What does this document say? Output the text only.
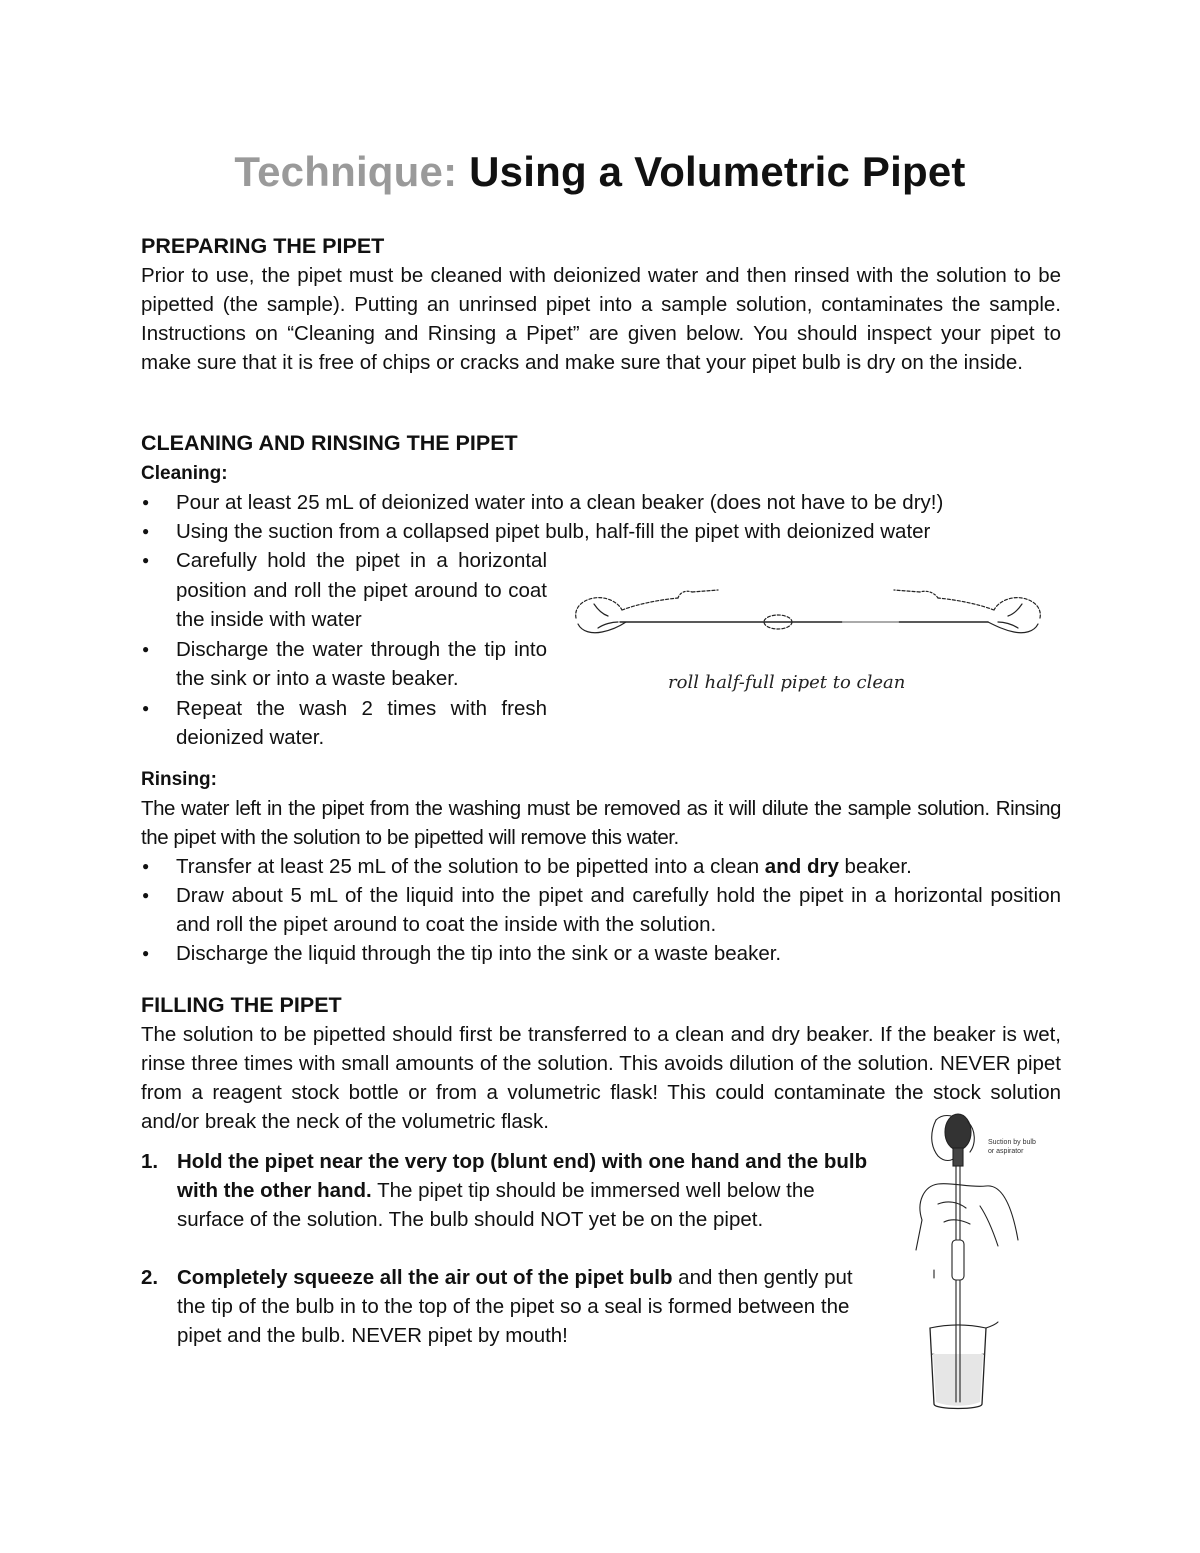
Technique: Using a Volumetric Pipet
PREPARING THE PIPET

Prior to use, the pipet must be cleaned with deionized water and then rinsed with the solution to be pipetted (the sample). Putting an unrinsed pipet into a sample solution, contaminates the sample. Instructions on “Cleaning and Rinsing a Pipet” are given below. You should inspect your pipet to make sure that it is free of chips or cracks and make sure that your pipet bulb is dry on the inside.

CLEANING AND RINSING THE PIPET
Cleaning:
● Pour at least 25 mL of deionized water into a clean beaker (does not have to be dry!)
● Using the suction from a collapsed pipet bulb, half-fill the pipet with deionized water
● Carefully hold the pipet in a horizontal position and roll the pipet around to coat the inside with water
● Discharge the water through the tip into the sink or into a waste beaker.
● Repeat the wash 2 times with fresh deionized water.
roll half-full pipet to clean
Rinsing:

The water left in the pipet from the washing must be removed as it will dilute the sample solution. Rinsing the pipet with the solution to be pipetted will remove this water.

● Transfer at least 25 mL of the solution to be pipetted into a clean and dry beaker.
● Draw about 5 mL of the liquid into the pipet and carefully hold the pipet in a horizontal position and roll the pipet around to coat the inside with the solution.
● Discharge the liquid through the tip into the sink or a waste beaker.
FILLING THE PIPET

The solution to be pipetted should first be transferred to a clean and dry beaker. If the beaker is wet, rinse three times with small amounts of the solution. This avoids dilution of the solution. NEVER pipet from a reagent stock bottle or from a volumetric flask! This could contaminate the stock solution and/or break the neck of the volumetric flask.

1. Hold the pipet near the very top (blunt end) with one hand and the bulb with the other hand. The pipet tip should be immersed well below the surface of the solution. The bulb should NOT yet be on the pipet.
2. Completely squeeze all the air out of the pipet bulb and then gently put the tip of the bulb in to the top of the pipet so a seal is formed between the pipet and the bulb. NEVER pipet by mouth!
Suction by bulb
or aspirator
